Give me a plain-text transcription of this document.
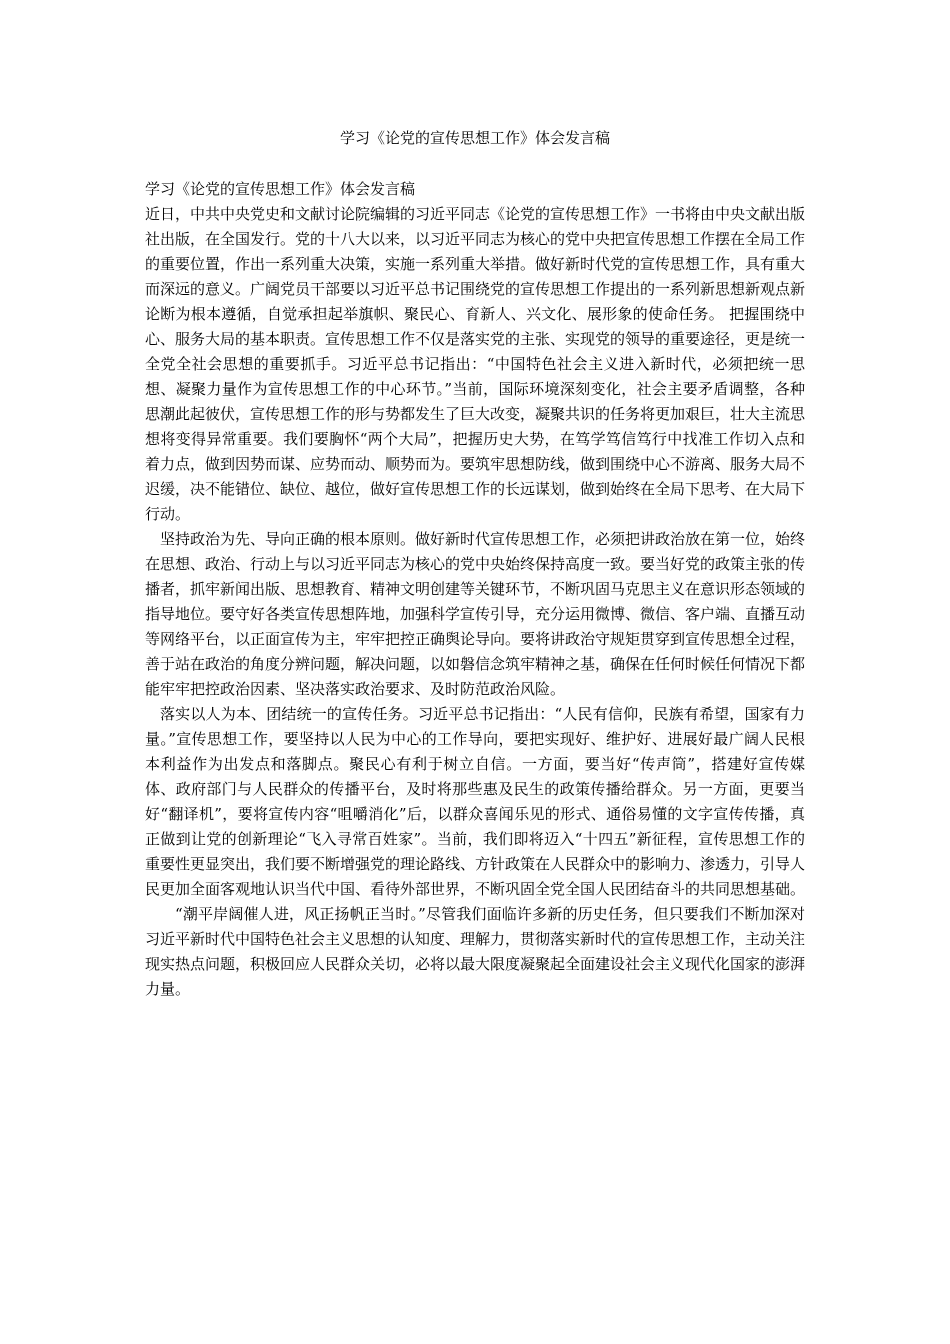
学习《论党的宣传思想工作》体会发言稿

学习《论党的宣传思想工作》体会发言稿

近日，中共中央党史和文献讨论院编辑的习近平同志《论党的宣传思想工作》一书将由中央文献出版社出版，在全国发行。党的十八大以来，以习近平同志为核心的党中央把宣传思想工作摆在全局工作的重要位置，作出一系列重大决策，实施一系列重大举措。做好新时代党的宣传思想工作，具有重大而深远的意义。广阔党员干部要以习近平总书记围绕党的宣传思想工作提出的一系列新思想新观点新论断为根本遵循，自觉承担起举旗帜、聚民心、育新人、兴文化、展形象的使命任务。 把握围绕中心、服务大局的基本职责。宣传思想工作不仅是落实党的主张、实现党的领导的重要途径，更是统一全党全社会思想的重要抓手。习近平总书记指出：“中国特色社会主义进入新时代，必须把统一思想、凝聚力量作为宣传思想工作的中心环节。”当前，国际环境深刻变化，社会主要矛盾调整，各种思潮此起彼伏，宣传思想工作的形与势都发生了巨大改变，凝聚共识的任务将更加艰巨，壮大主流思想将变得异常重要。我们要胸怀“两个大局”，把握历史大势，在笃学笃信笃行中找准工作切入点和着力点，做到因势而谋、应势而动、顺势而为。要筑牢思想防线，做到围绕中心不游离、服务大局不迟缓，决不能错位、缺位、越位，做好宣传思想工作的长远谋划，做到始终在全局下思考、在大局下行动。

坚持政治为先、导向正确的根本原则。做好新时代宣传思想工作，必须把讲政治放在第一位，始终在思想、政治、行动上与以习近平同志为核心的党中央始终保持高度一致。要当好党的政策主张的传播者，抓牢新闻出版、思想教育、精神文明创建等关键环节，不断巩固马克思主义在意识形态领域的指导地位。要守好各类宣传思想阵地，加强科学宣传引导，充分运用微博、微信、客户端、直播互动等网络平台，以正面宣传为主，牢牢把控正确舆论导向。要将讲政治守规矩贯穿到宣传思想全过程，善于站在政治的角度分辨问题，解决问题，以如磐信念筑牢精神之基，确保在任何时候任何情况下都能牢牢把控政治因素、坚决落实政治要求、及时防范政治风险。

落实以人为本、团结统一的宣传任务。习近平总书记指出：“人民有信仰，民族有希望，国家有力量。”宣传思想工作，要坚持以人民为中心的工作导向，要把实现好、维护好、进展好最广阔人民根本利益作为出发点和落脚点。聚民心有利于树立自信。一方面，要当好“传声筒”，搭建好宣传媒体、政府部门与人民群众的传播平台，及时将那些惠及民生的政策传播给群众。另一方面，更要当好“翻译机”，要将宣传内容“咀嚼消化”后，以群众喜闻乐见的形式、通俗易懂的文字宣传传播，真正做到让党的创新理论“飞入寻常百姓家”。当前，我们即将迈入“十四五”新征程，宣传思想工作的重要性更显突出，我们要不断增强党的理论路线、方针政策在人民群众中的影响力、渗透力，引导人民更加全面客观地认识当代中国、看待外部世界，不断巩固全党全国人民团结奋斗的共同思想基础。

“潮平岸阔催人进，风正扬帆正当时。”尽管我们面临许多新的历史任务，但只要我们不断加深对习近平新时代中国特色社会主义思想的认知度、理解力，贯彻落实新时代的宣传思想工作，主动关注现实热点问题，积极回应人民群众关切，必将以最大限度凝聚起全面建设社会主义现代化国家的澎湃力量。
